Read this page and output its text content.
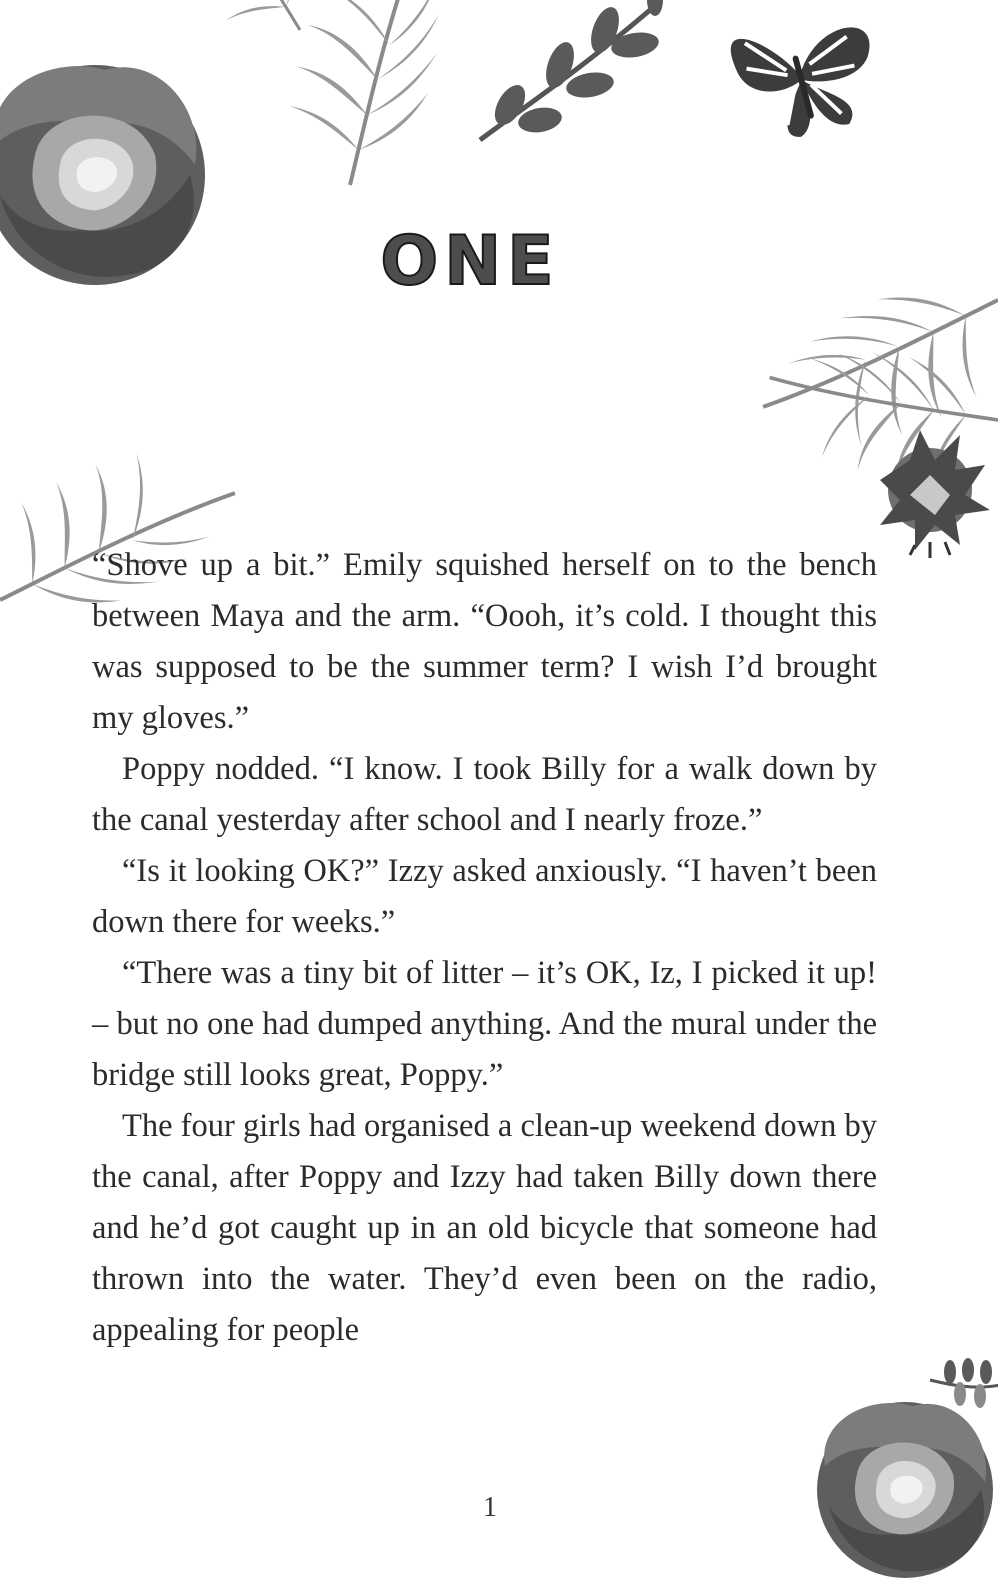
ONE

“Shove up a bit.” Emily squished herself on to the bench between Maya and the arm. “Oooh, it’s cold. I thought this was supposed to be the summer term? I wish I’d brought my gloves.”

Poppy nodded. “I know. I took Billy for a walk down by the canal yesterday after school and I nearly froze.”

“Is it looking OK?” Izzy asked anxiously. “I haven’t been down there for weeks.”

“There was a tiny bit of litter – it’s OK, Iz, I picked it up! – but no one had dumped anything. And the mural under the bridge still looks great, Poppy.”

The four girls had organised a clean-up weekend down by the canal, after Poppy and Izzy had taken Billy down there and he’d got caught up in an old bicycle that someone had thrown into the water. They’d even been on the radio, appealing for people

1
